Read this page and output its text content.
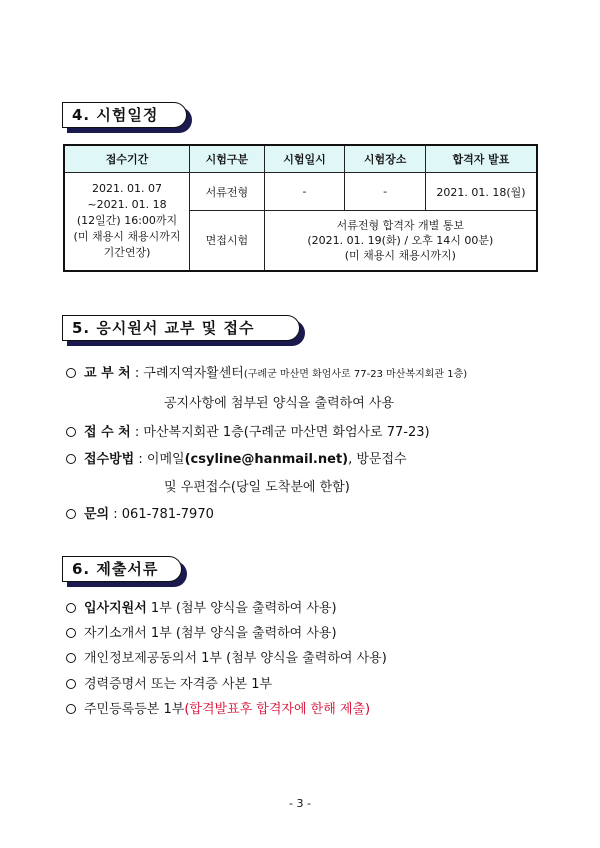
4. 시험일정
접수기간	시험구분	시험일시	시험장소	합격자 발표

2021. 01. 07
~2021. 01. 18
(12일간) 16:00까지
(미 채용시 채용시까지
기간연장)	서류전형	-	-	2021. 01. 18(월)
	면접시험	서류전형 합격자 개별 통보
(2021. 01. 19(화) / 오후 14시 00분)
(미 채용시 채용시까지)		
5. 응시원서 교부 및 접수
교 부 처 : 구례지역자활센터(구례군 마산면 화엄사로 77-23 마산복지회관 1층)
공지사항에 첨부된 양식을 출력하여 사용
접 수 처 : 마산복지회관 1층(구례군 마산면 화엄사로 77-23)
접수방법 : 이메일(csyline@hanmail.net), 방문접수
및 우편접수(당일 도착분에 한함)
문의 : 061-781-7970
6. 제출서류
입사지원서 1부 (첨부 양식을 출력하여 사용)
자기소개서 1부 (첨부 양식을 출력하여 사용)
개인정보제공동의서 1부 (첨부 양식을 출력하여 사용)
경력증명서 또는 자격증 사본 1부
주민등록등본 1부(합격발표후 합격자에 한해 제출)
- 3 -
